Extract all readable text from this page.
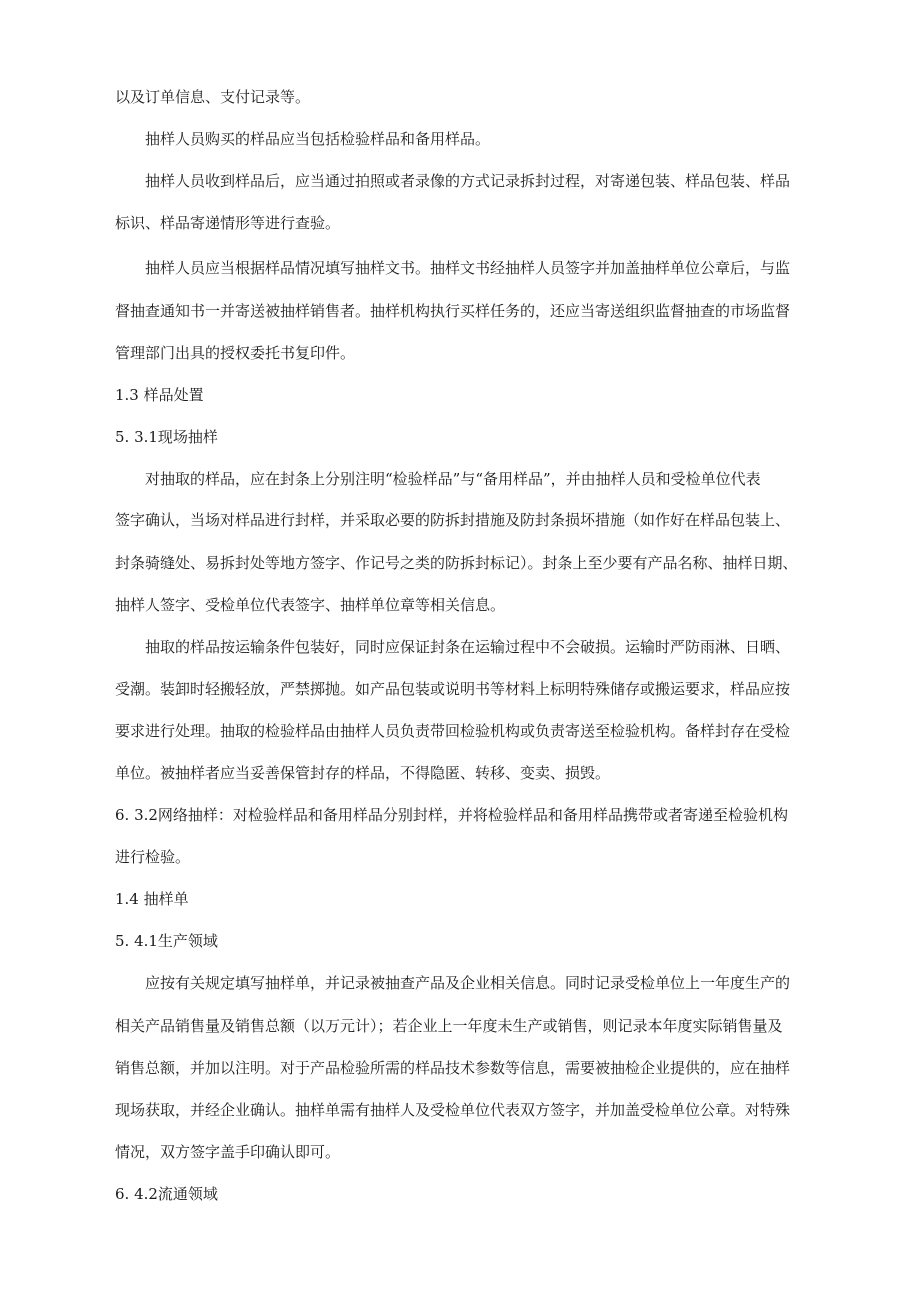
以及订单信息、支付记录等。

抽样人员购买的样品应当包括检验样品和备用样品。

抽样人员收到样品后，应当通过拍照或者录像的方式记录拆封过程，对寄递包装、样品包装、样品

标识、样品寄递情形等进行查验。

抽样人员应当根据样品情况填写抽样文书。抽样文书经抽样人员签字并加盖抽样单位公章后，与监

督抽查通知书一并寄送被抽样销售者。抽样机构执行买样任务的，还应当寄送组织监督抽查的市场监督

管理部门出具的授权委托书复印件。

1.3 样品处置

5. 3.1现场抽样

对抽取的样品，应在封条上分别注明“检验样品”与“备用样品”，并由抽样人员和受检单位代表

签字确认，当场对样品进行封样，并采取必要的防拆封措施及防封条损坏措施（如作好在样品包装上、

封条骑缝处、易拆封处等地方签字、作记号之类的防拆封标记）。封条上至少要有产品名称、抽样日期、

抽样人签字、受检单位代表签字、抽样单位章等相关信息。

抽取的样品按运输条件包装好，同时应保证封条在运输过程中不会破损。运输时严防雨淋、日晒、

受潮。装卸时轻搬轻放，严禁掷抛。如产品包装或说明书等材料上标明特殊储存或搬运要求，样品应按

要求进行处理。抽取的检验样品由抽样人员负责带回检验机构或负责寄送至检验机构。备样封存在受检

单位。被抽样者应当妥善保管封存的样品，不得隐匿、转移、变卖、损毁。

6. 3.2网络抽样：对检验样品和备用样品分别封样，并将检验样品和备用样品携带或者寄递至检验机构

进行检验。

1.4 抽样单

5. 4.1生产领域

应按有关规定填写抽样单，并记录被抽查产品及企业相关信息。同时记录受检单位上一年度生产的

相关产品销售量及销售总额（以万元计）；若企业上一年度未生产或销售，则记录本年度实际销售量及

销售总额，并加以注明。对于产品检验所需的样品技术参数等信息，需要被抽检企业提供的，应在抽样

现场获取，并经企业确认。抽样单需有抽样人及受检单位代表双方签字，并加盖受检单位公章。对特殊

情况，双方签字盖手印确认即可。

6. 4.2流通领域
